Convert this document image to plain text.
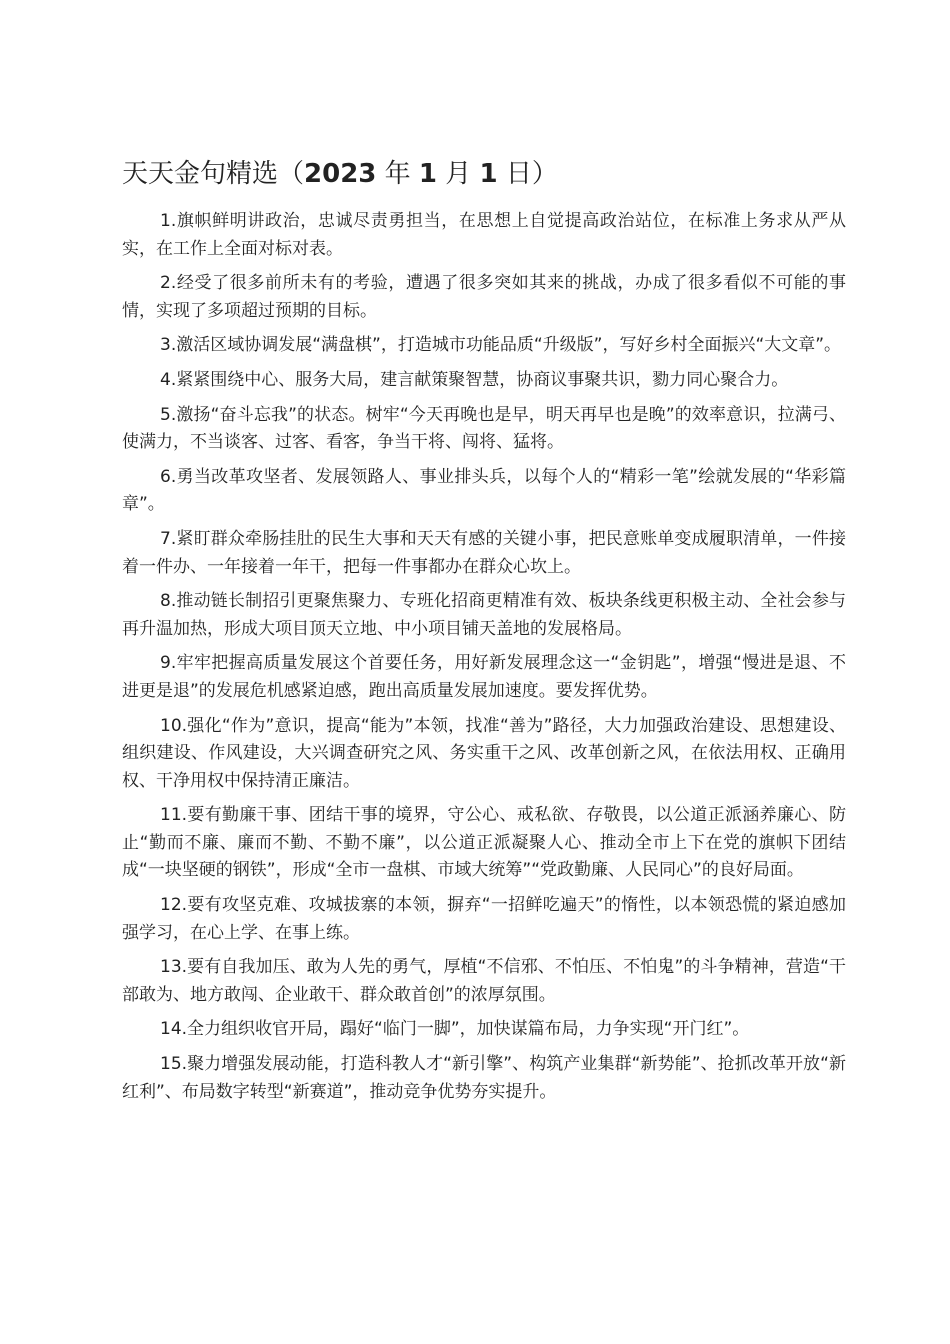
天天金句精选（2023 年 1 月 1 日）

1.旗帜鲜明讲政治，忠诚尽责勇担当，在思想上自觉提高政治站位，在标准上务求从严从实，在工作上全面对标对表。

2.经受了很多前所未有的考验，遭遇了很多突如其来的挑战，办成了很多看似不可能的事情，实现了多项超过预期的目标。

3.激活区域协调发展“满盘棋”，打造城市功能品质“升级版”，写好乡村全面振兴“大文章”。

4.紧紧围绕中心、服务大局，建言献策聚智慧，协商议事聚共识，勠力同心聚合力。

5.激扬“奋斗忘我”的状态。树牢“今天再晚也是早，明天再早也是晚”的效率意识，拉满弓、使满力，不当谈客、过客、看客，争当干将、闯将、猛将。

6.勇当改革攻坚者、发展领路人、事业排头兵，以每个人的“精彩一笔”绘就发展的“华彩篇章”。

7.紧盯群众牵肠挂肚的民生大事和天天有感的关键小事，把民意账单变成履职清单，一件接着一件办、一年接着一年干，把每一件事都办在群众心坎上。

8.推动链长制招引更聚焦聚力、专班化招商更精准有效、板块条线更积极主动、全社会参与再升温加热，形成大项目顶天立地、中小项目铺天盖地的发展格局。

9.牢牢把握高质量发展这个首要任务，用好新发展理念这一“金钥匙”，增强“慢进是退、不进更是退”的发展危机感紧迫感，跑出高质量发展加速度。要发挥优势。

10.强化“作为”意识，提高“能为”本领，找准“善为”路径，大力加强政治建设、思想建设、组织建设、作风建设，大兴调查研究之风、务实重干之风、改革创新之风，在依法用权、正确用权、干净用权中保持清正廉洁。

11.要有勤廉干事、团结干事的境界，守公心、戒私欲、存敬畏，以公道正派涵养廉心、防止“勤而不廉、廉而不勤、不勤不廉”，以公道正派凝聚人心、推动全市上下在党的旗帜下团结成“一块坚硬的钢铁”，形成“全市一盘棋、市域大统筹”“党政勤廉、人民同心”的良好局面。

12.要有攻坚克难、攻城拔寨的本领，摒弃“一招鲜吃遍天”的惰性，以本领恐慌的紧迫感加强学习，在心上学、在事上练。

13.要有自我加压、敢为人先的勇气，厚植“不信邪、不怕压、不怕鬼”的斗争精神，营造“干部敢为、地方敢闯、企业敢干、群众敢首创”的浓厚氛围。

14.全力组织收官开局，蹋好“临门一脚”，加快谋篇布局，力争实现“开门红”。

15.聚力增强发展动能，打造科教人才“新引擎”、构筑产业集群“新势能”、抢抓改革开放“新红利”、布局数字转型“新赛道”，推动竞争优势夯实提升。
